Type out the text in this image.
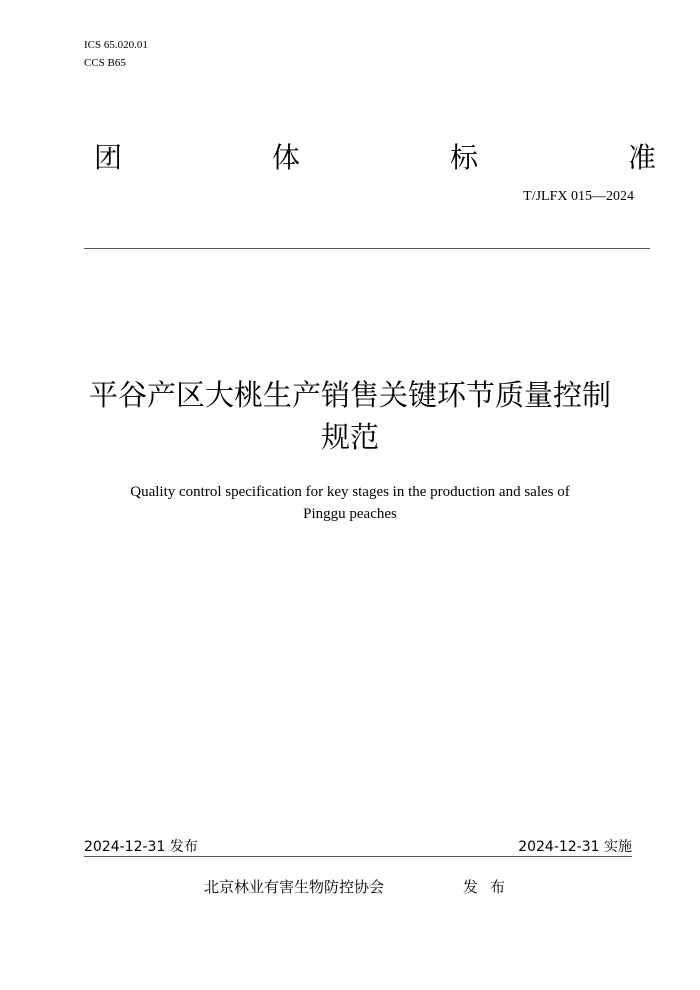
ICS 65.020.01
CCS B65
团	体	标	准
T/JLFX 015—2024
平谷产区大桃生产销售关键环节质量控制
规范
Quality control specification for key stages in the production and sales of
Pinggu peaches
2024-12-31 发布	2024-12-31 实施
北京林业有害生物防控协会	发布
